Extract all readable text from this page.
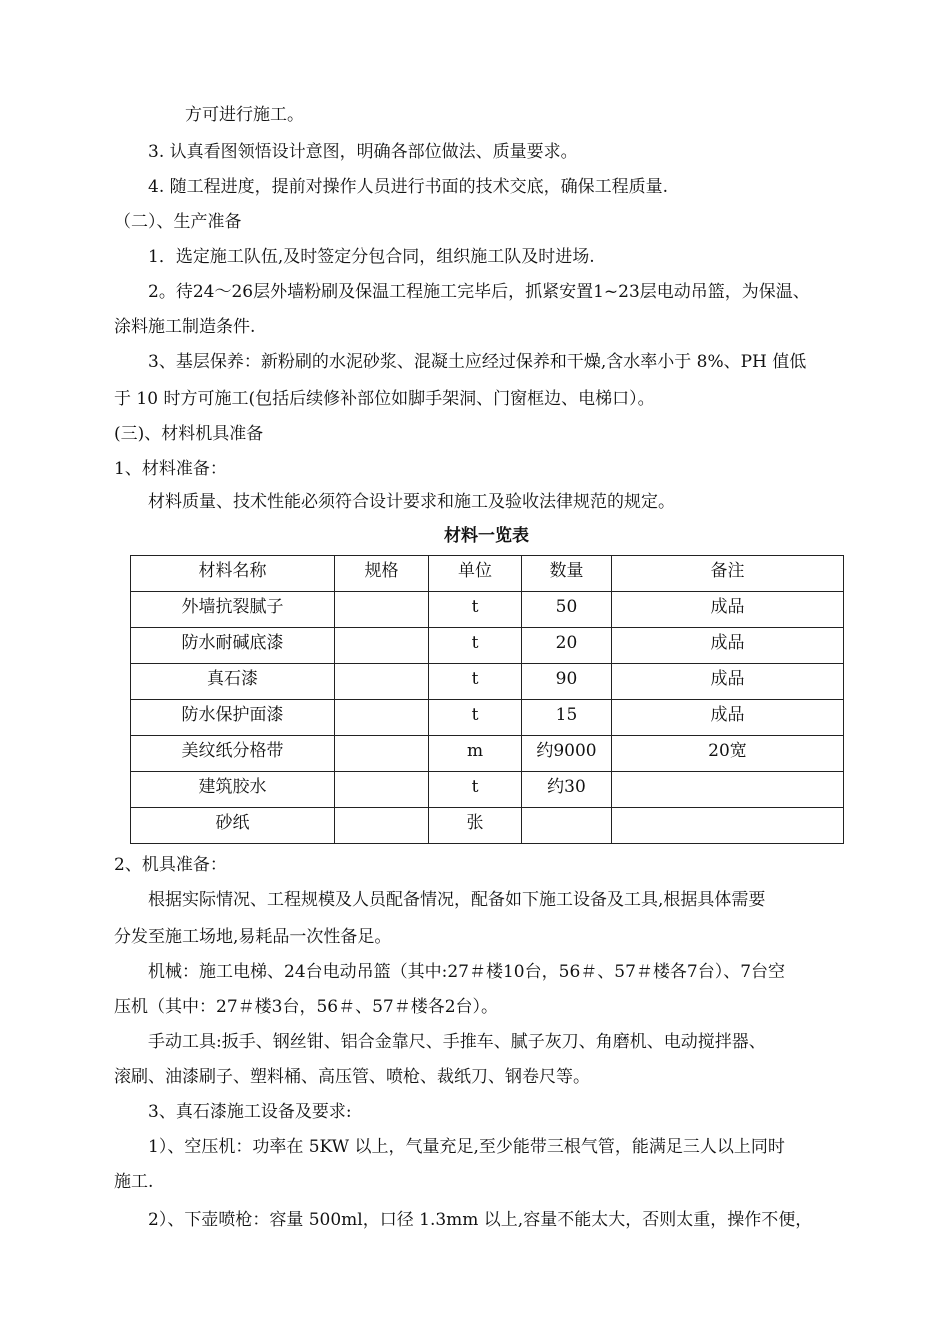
方可进行施工。
3. 认真看图领悟设计意图，明确各部位做法、质量要求。
4. 随工程进度，提前对操作人员进行书面的技术交底，确保工程质量.
（二）、生产准备
1．选定施工队伍,及时签定分包合同，组织施工队及时进场.
2。待24～26层外墙粉刷及保温工程施工完毕后，抓紧安置1~23层电动吊篮，为保温、
涂料施工制造条件.
3、基层保养：新粉刷的水泥砂浆、混凝土应经过保养和干燥,含水率小于 8%、PH 值低
于 10 时方可施工(包括后续修补部位如脚手架洞、门窗框边、电梯口）。
(三)、材料机具准备
1、材料准备：
材料质量、技术性能必须符合设计要求和施工及验收法律规范的规定。
材料一览表
材料名称	规格	单位	数量	备注
外墙抗裂腻子		t	50	成品
防水耐碱底漆		t	20	成品
真石漆		t	90	成品
防水保护面漆		t	15	成品
美纹纸分格带		m	约9000	20宽
建筑胶水		t	约30	
砂纸		张		
2、机具准备：
根据实际情况、工程规模及人员配备情况，配备如下施工设备及工具,根据具体需要
分发至施工场地,易耗品一次性备足。
机械：施工电梯、24台电动吊篮（其中:27＃楼10台，56＃、57＃楼各7台）、7台空
压机（其中：27＃楼3台，56＃、57＃楼各2台）。
手动工具:扳手、钢丝钳、铝合金靠尺、手推车、腻子灰刀、角磨机、电动搅拌器、
滚刷、油漆刷子、塑料桶、高压管、喷枪、裁纸刀、钢卷尺等。
3、真石漆施工设备及要求:
1）、空压机：功率在 5KW 以上，气量充足,至少能带三根气管，能满足三人以上同时
施工.
2）、下壶喷枪：容量 500ml，口径 1.3mm 以上,容量不能太大，否则太重，操作不便，
